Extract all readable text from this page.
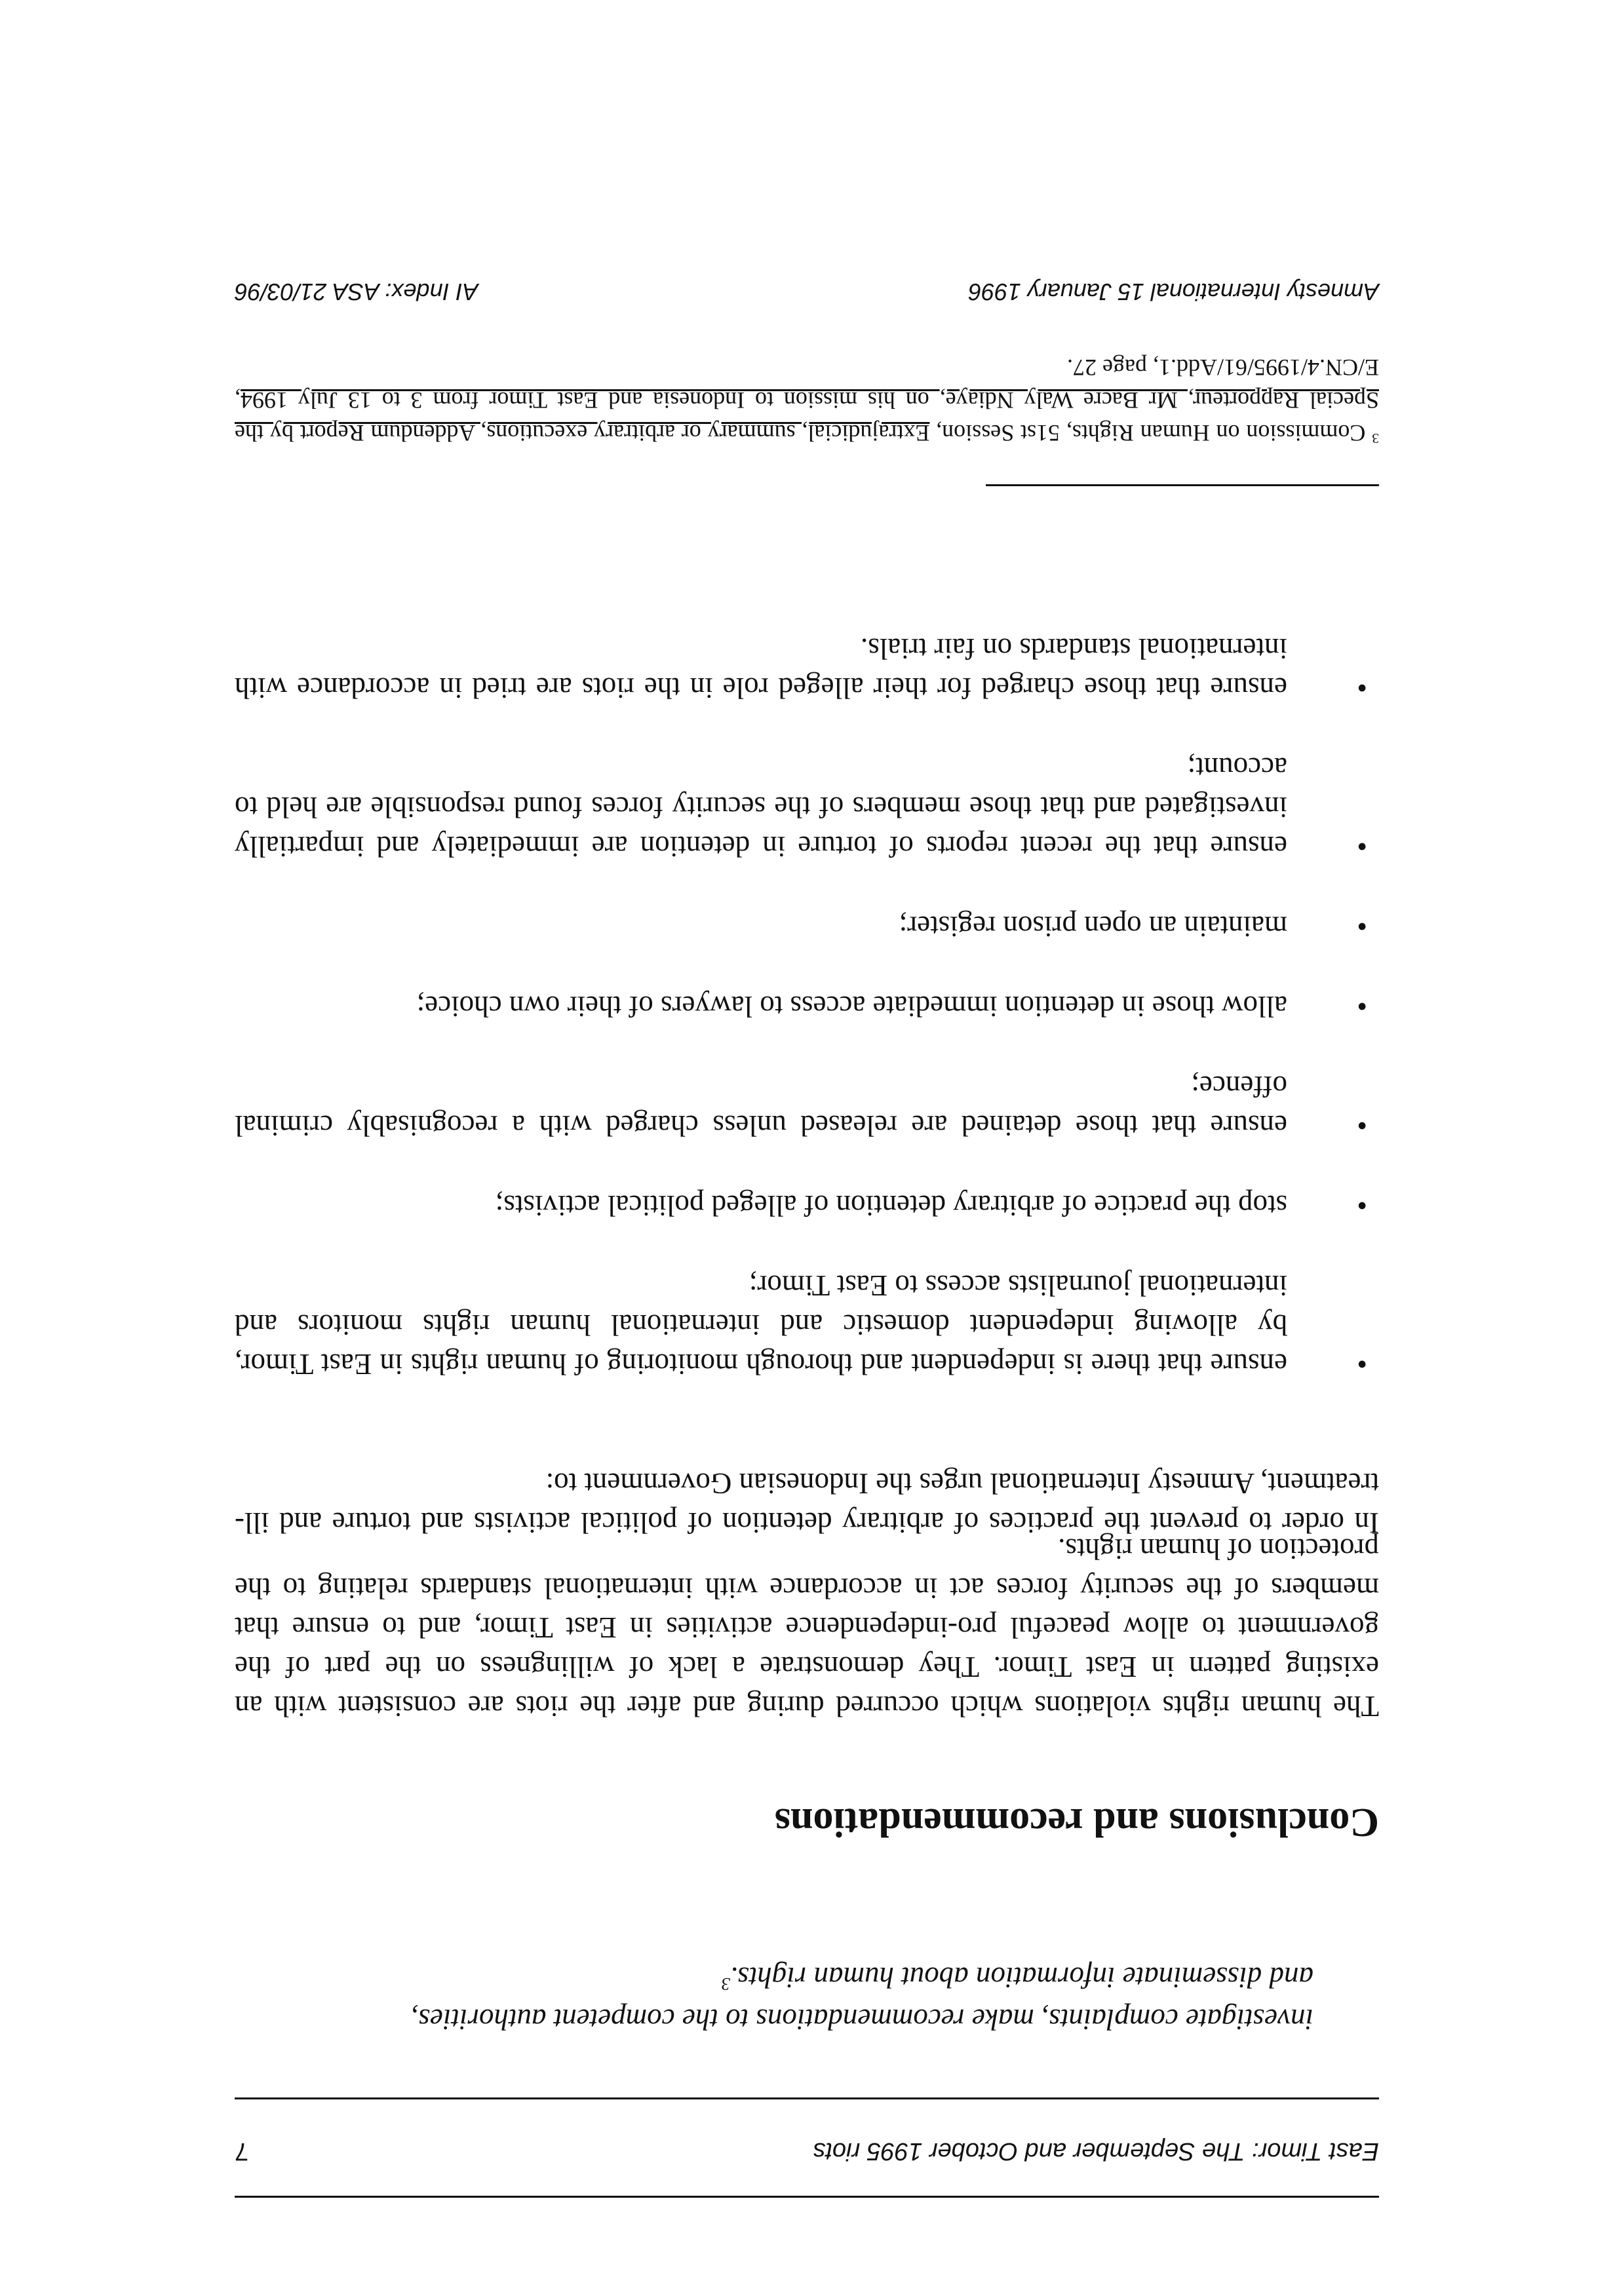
East Timor: The September and October 1995 riots
7
investigate complaints, make recommendations to the competent authorities,
and disseminate information about human rights.$^3$
Conclusions and recommendations

The human rights violations which occurred during and after the riots are consistent with an existing pattern in East Timor. They demonstrate a lack of willingness on the part of the government to allow peaceful pro-independence activities in East Timor, and to ensure that members of the security forces act in accordance with international standards relating to the protection of human rights.

In order to prevent the practices of arbitrary detention of political activists and torture and ill-treatment, Amnesty International urges the Indonesian Government to:

•
ensure that there is independent and thorough monitoring of human rights in East Timor, by allowing independent domestic and international human rights monitors and international journalists access to East Timor;
•
stop the practice of arbitrary detention of alleged political activists;
•
ensure that those detained are released unless charged with a recognisably criminal offence;
•
allow those in detention immediate access to lawyers of their own choice;
•
maintain an open prison register;
•
ensure that the recent reports of torture in detention are immediately and impartially investigated and that those members of the security forces found responsible are held to account;
•
ensure that those charged for their alleged role in the riots are tried in accordance with international standards on fair trials.
$^3$ Commission on Human Rights, 51st Session, Extrajudicial, summary or arbitrary executions, Addendum Report by the Special Rapporteur, Mr Bacre Waly Ndiaye, on his mission to Indonesia and East Timor from 3 to 13 July 1994, E/CN.4/1995/61/Add.1, page 27.
Amnesty International 15 January 1996
AI Index: ASA 21/03/96
